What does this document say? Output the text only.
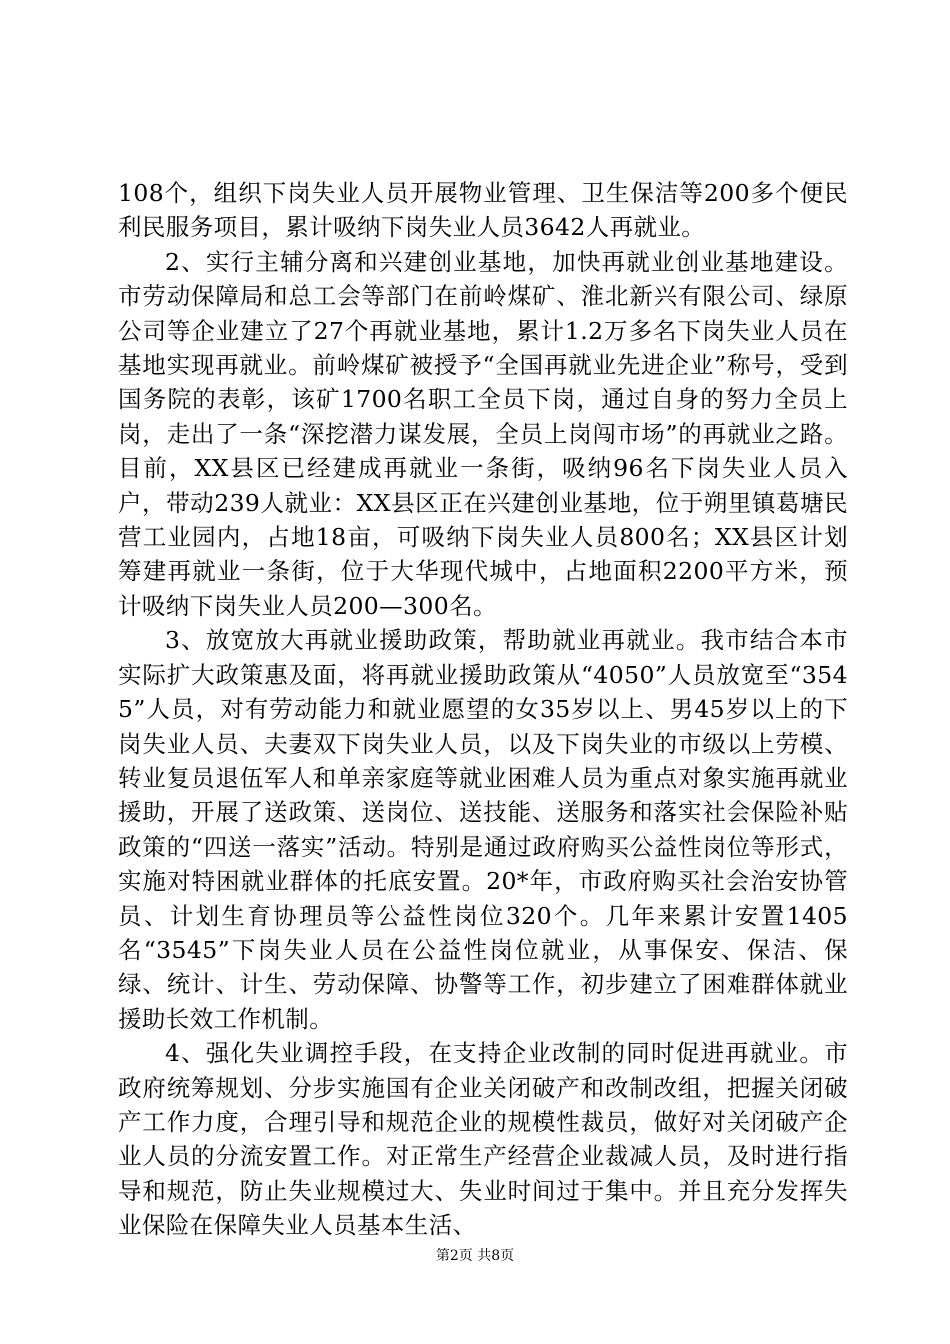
108个，组织下岗失业人员开展物业管理、卫生保洁等200多个便民利民服务项目，累计吸纳下岗失业人员3642人再就业。

2、实行主辅分离和兴建创业基地，加快再就业创业基地建设。市劳动保障局和总工会等部门在前岭煤矿、淮北新兴有限公司、绿原公司等企业建立了27个再就业基地，累计1.2万多名下岗失业人员在基地实现再就业。前岭煤矿被授予“全国再就业先进企业”称号，受到国务院的表彰，该矿1700名职工全员下岗，通过自身的努力全员上岗，走出了一条“深挖潜力谋发展，全员上岗闯市场”的再就业之路。目前，XX县区已经建成再就业一条街，吸纳96名下岗失业人员入户，带动239人就业：XX县区正在兴建创业基地，位于朔里镇葛塘民营工业园内，占地18亩，可吸纳下岗失业人员800名；XX县区计划筹建再就业一条街，位于大华现代城中，占地面积2200平方米，预计吸纳下岗失业人员200—300名。

3、放宽放大再就业援助政策，帮助就业再就业。我市结合本市实际扩大政策惠及面，将再就业援助政策从“4050”人员放宽至“3545”人员，对有劳动能力和就业愿望的女35岁以上、男45岁以上的下岗失业人员、夫妻双下岗失业人员，以及下岗失业的市级以上劳模、转业复员退伍军人和单亲家庭等就业困难人员为重点对象实施再就业援助，开展了送政策、送岗位、送技能、送服务和落实社会保险补贴政策的“四送一落实”活动。特别是通过政府购买公益性岗位等形式，实施对特困就业群体的托底安置。20*年，市政府购买社会治安协管员、计划生育协理员等公益性岗位320个。几年来累计安置1405名“3545”下岗失业人员在公益性岗位就业，从事保安、保洁、保绿、统计、计生、劳动保障、协警等工作，初步建立了困难群体就业援助长效工作机制。

4、强化失业调控手段，在支持企业改制的同时促进再就业。市政府统筹规划、分步实施国有企业关闭破产和改制改组，把握关闭破产工作力度，合理引导和规范企业的规模性裁员，做好对关闭破产企业人员的分流安置工作。对正常生产经营企业裁减人员，及时进行指导和规范，防止失业规模过大、失业时间过于集中。并且充分发挥失业保险在保障失业人员基本生活、

第2页 共8页
